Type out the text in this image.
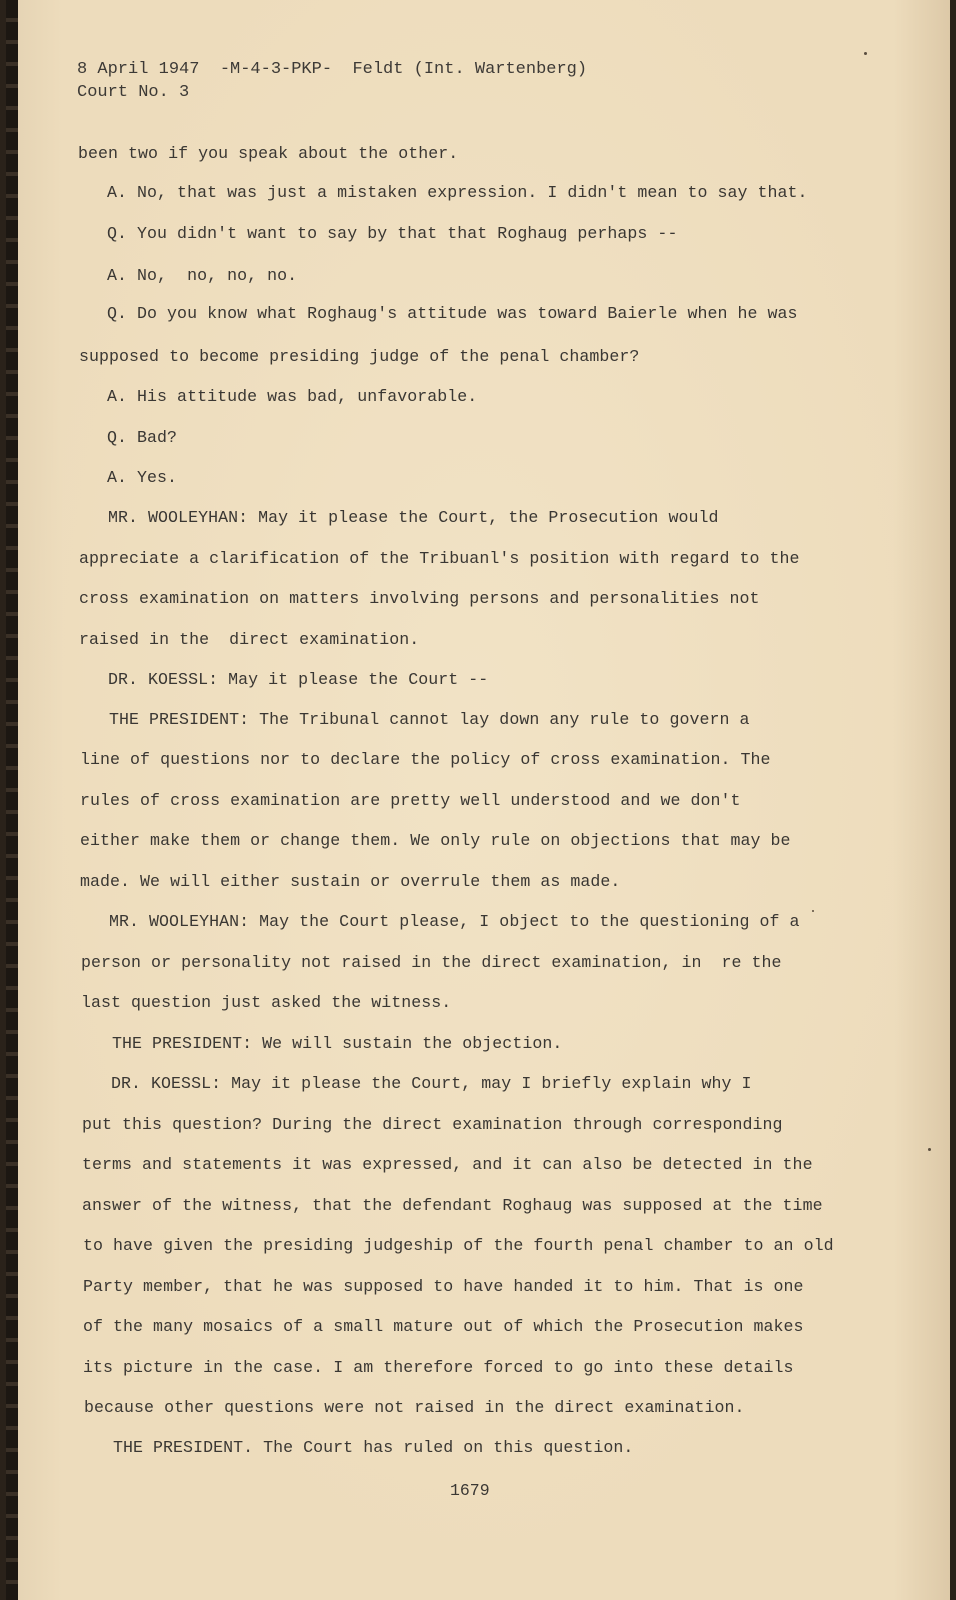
8 April 1947  -M-4-3-PKP-  Feldt (Int. Wartenberg)
Court No. 3
been two if you speak about the other.
A. No, that was just a mistaken expression. I didn't mean to say that.
Q. You didn't want to say by that that Roghaug perhaps --
A. No,  no, no, no.
Q. Do you know what Roghaug's attitude was toward Baierle when he was
supposed to become presiding judge of the penal chamber?
A. His attitude was bad, unfavorable.
Q. Bad?
A. Yes.
MR. WOOLEYHAN: May it please the Court, the Prosecution would
appreciate a clarification of the Tribuanl's position with regard to the
cross examination on matters involving persons and personalities not
raised in the  direct examination.
DR. KOESSL: May it please the Court --
THE PRESIDENT: The Tribunal cannot lay down any rule to govern a
line of questions nor to declare the policy of cross examination. The
rules of cross examination are pretty well understood and we don't
either make them or change them. We only rule on objections that may be
made. We will either sustain or overrule them as made.
MR. WOOLEYHAN: May the Court please, I object to the questioning of a
person or personality not raised in the direct examination, in  re the
last question just asked the witness.
THE PRESIDENT: We will sustain the objection.
DR. KOESSL: May it please the Court, may I briefly explain why I
put this question? During the direct examination through corresponding
terms and statements it was expressed, and it can also be detected in the
answer of the witness, that the defendant Roghaug was supposed at the time
to have given the presiding judgeship of the fourth penal chamber to an old
Party member, that he was supposed to have handed it to him. That is one
of the many mosaics of a small mature out of which the Prosecution makes
its picture in the case. I am therefore forced to go into these details
because other questions were not raised in the direct examination.
THE PRESIDENT. The Court has ruled on this question.
1679
